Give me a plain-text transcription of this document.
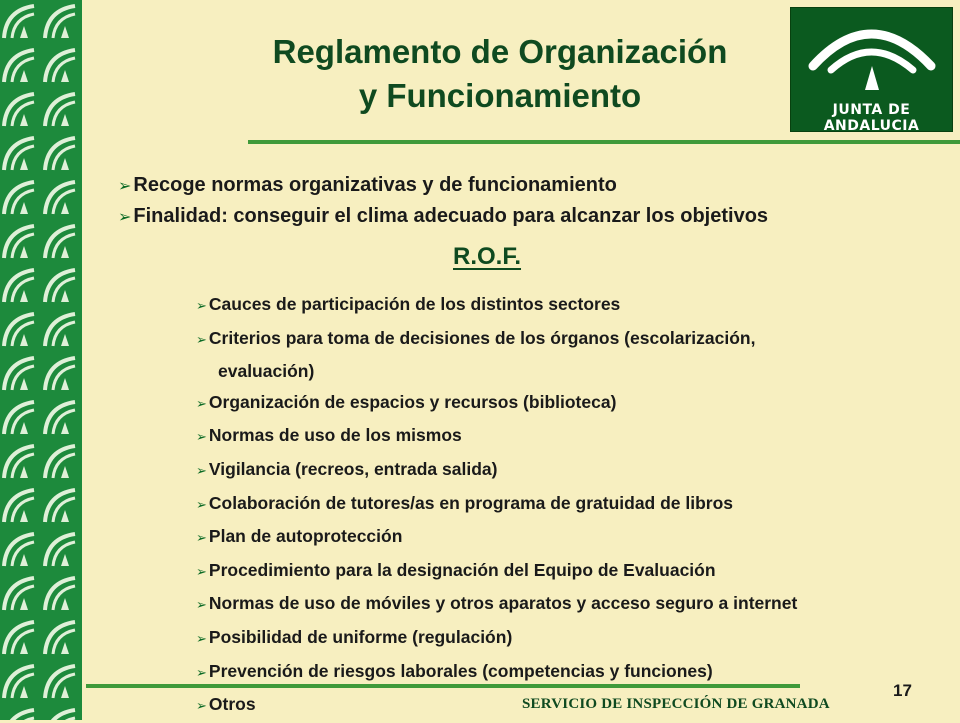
Reglamento de Organización
y Funcionamiento	JUNTA DE ANDALUCIA
➢ Recoge normas organizativas y de funcionamiento
➢ Finalidad: conseguir el clima adecuado para alcanzar los objetivos
R.O.F.
➢ Cauces de participación de los distintos sectores
➢ Criterios para toma de decisiones de los órganos (escolarización,
evaluación)
➢ Organización de espacios y recursos (biblioteca)
➢ Normas de uso de los mismos
➢ Vigilancia (recreos, entrada salida)
➢ Colaboración de tutores/as en programa de gratuidad de libros
➢ Plan de autoprotección
➢ Procedimiento para la designación del Equipo de Evaluación
➢ Normas de uso de móviles y otros aparatos y acceso seguro a internet
➢ Posibilidad de uniforme (regulación)
➢ Prevención de riesgos laborales (competencias y funciones)
➢ Otros
17
SERVICIO DE INSPECCIÓN DE GRANADA
